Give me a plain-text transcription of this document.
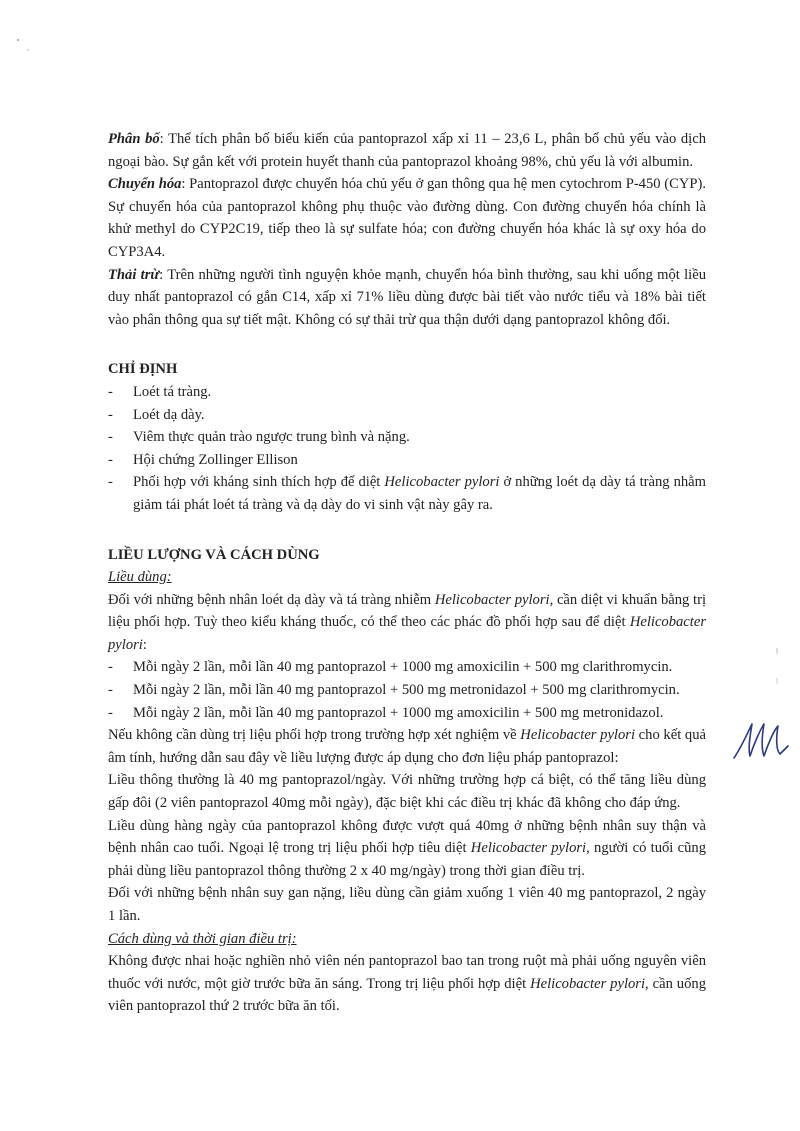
Phân bố: Thể tích phân bố biểu kiến của pantoprazol xấp xỉ 11 – 23,6 L, phân bố chủ yếu vào dịch ngoại bào. Sự gắn kết với protein huyết thanh của pantoprazol khoảng 98%, chủ yếu là với albumin.

Chuyển hóa: Pantoprazol được chuyển hóa chủ yếu ở gan thông qua hệ men cytochrom P-450 (CYP). Sự chuyển hóa của pantoprazol không phụ thuộc vào đường dùng. Con đường chuyển hóa chính là khử methyl do CYP2C19, tiếp theo là sự sulfate hóa; con đường chuyển hóa khác là sự oxy hóa do CYP3A4.

Thải trừ: Trên những người tình nguyện khỏe mạnh, chuyển hóa bình thường, sau khi uống một liều duy nhất pantoprazol có gắn C14, xấp xỉ 71% liều dùng được bài tiết vào nước tiểu và 18% bài tiết vào phân thông qua sự tiết mật. Không có sự thải trừ qua thận dưới dạng pantoprazol không đổi.

CHỈ ĐỊNH

- Loét tá tràng.
- Loét dạ dày.
- Viêm thực quản trào ngược trung bình và nặng.
- Hội chứng Zollinger Ellison
- Phối hợp với kháng sinh thích hợp để diệt Helicobacter pylori ở những loét dạ dày tá tràng nhằm giảm tái phát loét tá tràng và dạ dày do vi sinh vật này gây ra.

LIỀU LƯỢNG VÀ CÁCH DÙNG

Liều dùng:

Đối với những bệnh nhân loét dạ dày và tá tràng nhiễm Helicobacter pylori, cần diệt vi khuẩn bằng trị liệu phối hợp. Tuỳ theo kiểu kháng thuốc, có thể theo các phác đồ phối hợp sau để diệt Helicobacter pylori:

- Mỗi ngày 2 lần, mỗi lần 40 mg pantoprazol + 1000 mg amoxicilin + 500 mg clarithromycin.
- Mỗi ngày 2 lần, mỗi lần 40 mg pantoprazol + 500 mg metronidazol + 500 mg clarithromycin.
- Mỗi ngày 2 lần, mỗi lần 40 mg pantoprazol + 1000 mg amoxicilin + 500 mg metronidazol.

Nếu không cần dùng trị liệu phối hợp trong trường hợp xét nghiệm về Helicobacter pylori cho kết quả âm tính, hướng dẫn sau đây về liều lượng được áp dụng cho đơn liệu pháp pantoprazol:

Liều thông thường là 40 mg pantoprazol/ngày. Với những trường hợp cá biệt, có thể tăng liều dùng gấp đôi (2 viên pantoprazol 40mg mỗi ngày), đặc biệt khi các điều trị khác đã không cho đáp ứng.

Liều dùng hàng ngày của pantoprazol không được vượt quá 40mg ở những bệnh nhân suy thận và bệnh nhân cao tuổi. Ngoại lệ trong trị liệu phối hợp tiêu diệt Helicobacter pylori, người có tuổi cũng phải dùng liều pantoprazol thông thường 2 x 40 mg/ngày) trong thời gian điều trị.

Đối với những bệnh nhân suy gan nặng, liều dùng cần giảm xuống 1 viên 40 mg pantoprazol, 2 ngày 1 lần.

Cách dùng và thời gian điều trị:

Không được nhai hoặc nghiền nhỏ viên nén pantoprazol bao tan trong ruột mà phải uống nguyên viên thuốc với nước, một giờ trước bữa ăn sáng. Trong trị liệu phối hợp diệt Helicobacter pylori, cần uống viên pantoprazol thứ 2 trước bữa ăn tối.
